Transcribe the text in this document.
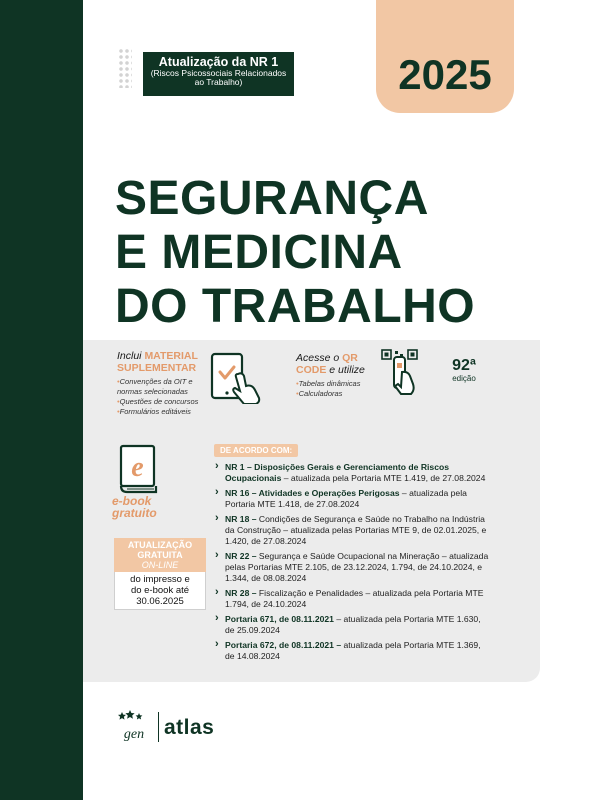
Atualização da NR 1
(Riscos Psicossociais Relacionados
ao Trabalho)	2025
SEGURANÇA
E MEDICINA
DO TRABALHO
Inclui MATERIAL
SUPLEMENTAR
• Convenções da OIT e normas selecionadas
• Questões de concursos
• Formulários editáveis
Acesse o QR
CODE e utilize
• Tabelas dinâmicas
• Calculadoras
92ª
edição
e
e-book
gratuito
ATUALIZAÇÃO
GRATUITA
ON-LINE
do impresso e
do e-book até
30.06.2025
DE ACORDO COM:
› NR 1 – Disposições Gerais e Gerenciamento de Riscos Ocupacionais – atualizada pela Portaria MTE 1.419, de 27.08.2024
› NR 16 – Atividades e Operações Perigosas – atualizada pela Portaria MTE 1.418, de 27.08.2024
› NR 18 – Condições de Segurança e Saúde no Trabalho na Indústria da Construção – atualizada pelas Portarias MTE 9, de 02.01.2025, e 1.420, de 27.08.2024
› NR 22 – Segurança e Saúde Ocupacional na Mineração – atualizada pelas Portarias MTE 2.105, de 23.12.2024, 1.794, de 24.10.2024, e 1.344, de 08.08.2024
› NR 28 – Fiscalização e Penalidades – atualizada pela Portaria MTE 1.794, de 24.10.2024
› Portaria 671, de 08.11.2021 – atualizada pela Portaria MTE 1.630, de 25.09.2024
› Portaria 672, de 08.11.2021 – atualizada pela Portaria MTE 1.369, de 14.08.2024
gen atlas
